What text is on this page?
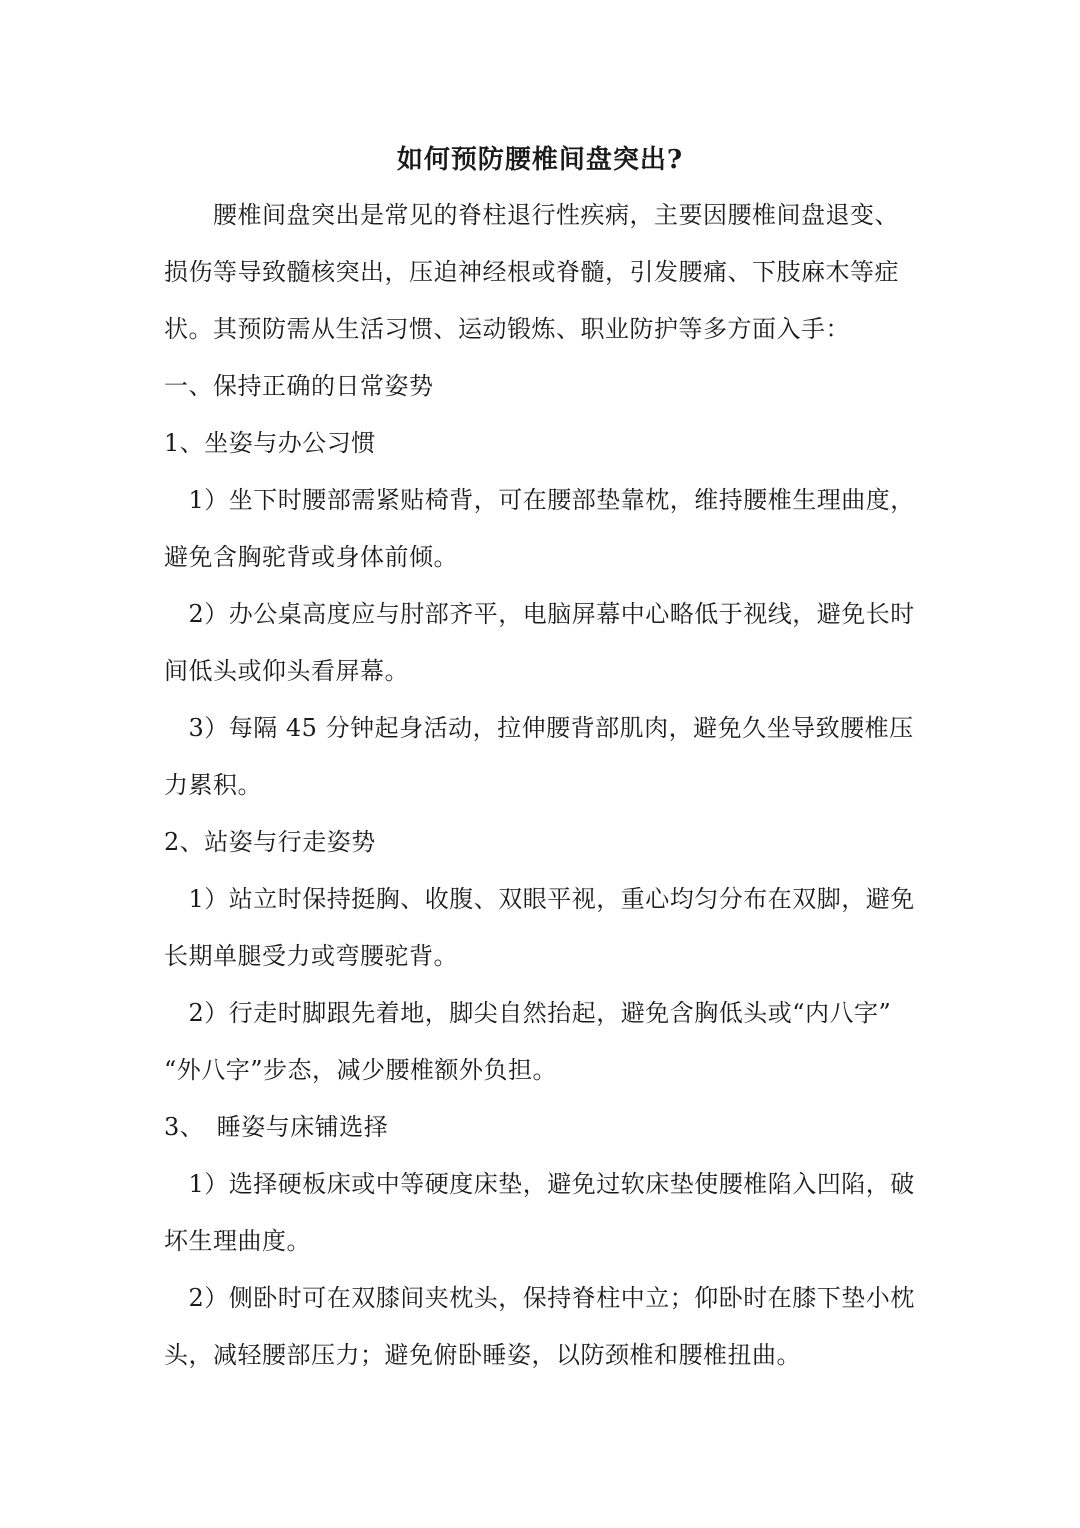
如何预防腰椎间盘突出?
　　腰椎间盘突出是常见的脊柱退行性疾病，主要因腰椎间盘退变、
损伤等导致髓核突出，压迫神经根或脊髓，引发腰痛、下肢麻木等症
状。其预防需从生活习惯、运动锻炼、职业防护等多方面入手：
一、保持正确的日常姿势
1、坐姿与办公习惯
　1）坐下时腰部需紧贴椅背，可在腰部垫靠枕，维持腰椎生理曲度，
避免含胸驼背或身体前倾。
　2）办公桌高度应与肘部齐平，电脑屏幕中心略低于视线，避免长时
间低头或仰头看屏幕。
　3）每隔 45 分钟起身活动，拉伸腰背部肌肉，避免久坐导致腰椎压
力累积。
2、站姿与行走姿势
　1）站立时保持挺胸、收腹、双眼平视，重心均匀分布在双脚，避免
长期单腿受力或弯腰驼背。
　2）行走时脚跟先着地，脚尖自然抬起，避免含胸低头或“内八字”
“外八字”步态，减少腰椎额外负担。
3、　睡姿与床铺选择
　1）选择硬板床或中等硬度床垫，避免过软床垫使腰椎陷入凹陷，破
坏生理曲度。
　2）侧卧时可在双膝间夹枕头，保持脊柱中立；仰卧时在膝下垫小枕
头，减轻腰部压力；避免俯卧睡姿，以防颈椎和腰椎扭曲。
